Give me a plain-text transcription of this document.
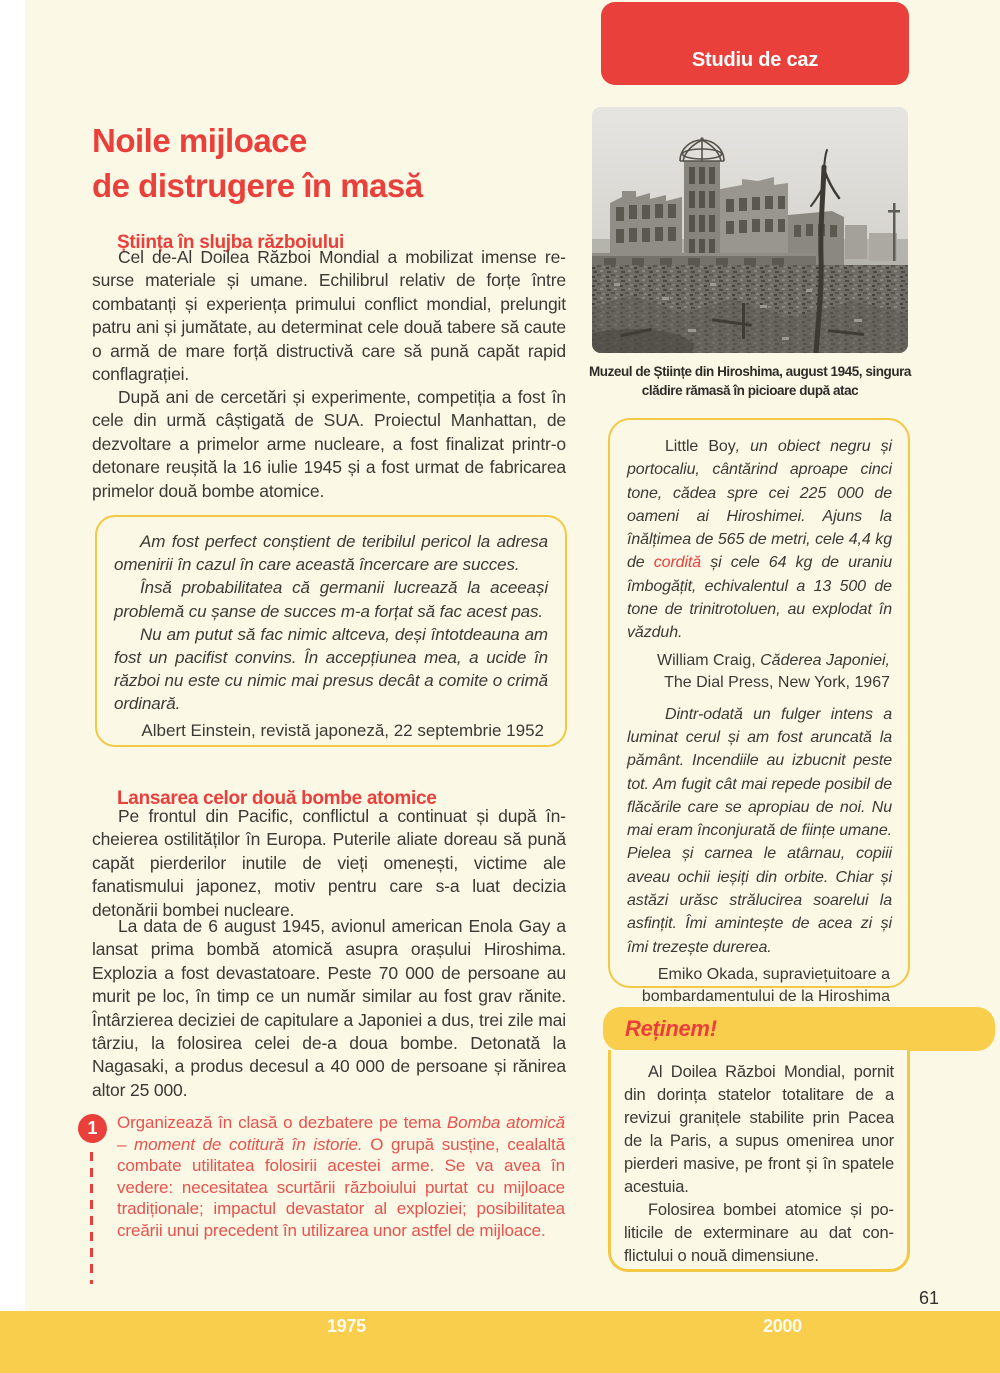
Noile mijloace
de distrugere în masă
Știința în slujba războiului

Cel de-Al Doilea Război Mondial a mobilizat imense resurse materiale și umane. Echilibrul relativ de forțe între combatanți și experiența primului conflict mondial, prelungit patru ani și jumătate, au determinat cele două tabere să caute o armă de mare forță distructivă care să pună capăt rapid conflagrației.

După ani de cercetări și experimente, competiția a fost în cele din urmă câștigată de SUA. Proiectul Manhattan, de dezvoltare a primelor arme nucleare, a fost finalizat printr-o detonare reușită la 16 iulie 1945 și a fost urmat de fabricarea primelor două bombe atomice.

Am fost perfect conștient de teribilul pericol la adresa omenirii în cazul în care această încercare are succes.

Însă probabilitatea că germanii lucrează la aceeași problemă cu șanse de succes m-a forțat să fac acest pas.

Nu am putut să fac nimic altceva, deși întotdeauna am fost un pacifist convins. În accepțiunea mea, a ucide în război nu este cu nimic mai presus decât a comite o crimă ordinară.

Albert Einstein, revistă japoneză, 22 septembrie 1952
Lansarea celor două bombe atomice

Pe frontul din Pacific, conflictul a continuat și după încheierea ostilităților în Europa. Puterile aliate doreau să pună capăt pierderilor inutile de vieți omenești, victime ale fanatismului japonez, motiv pentru care s-a luat decizia detonării bombei nucleare.

La data de 6 august 1945, avionul american Enola Gay a lansat prima bombă atomică asupra orașului Hiroshima. Explozia a fost devastatoare. Peste 70 000 de persoane au murit pe loc, în timp ce un număr similar au fost grav rănite. Întârzierea deciziei de capitulare a Japoniei a dus, trei zile mai târziu, la folosirea celei de-a doua bombe. Detonată la Nagasaki, a produs decesul a 40 000 de persoane și rănirea altor 25 000.

1	Organizează în clasă o dezbatere pe tema Bomba atomică – moment de cotitură în istorie. O grupă susține, cealaltă combate utilitatea folosirii acestei arme. Se va avea în vedere: necesitatea scurtării războiului purtat cu mijloace tradiționale; impactul devastator al exploziei; posibilitatea creării unui precedent în utilizarea unor astfel de mijloace.

Studiu de caz
Muzeul de Științe din Hiroshima, august 1945, singura
clădire rămasă în picioare după atac

Little Boy, un obiect negru și portocaliu, cântărind aproape cinci tone, cădea spre cei 225 000 de oameni ai Hiroshimei. Ajuns la înălțimea de 565 de metri, cele 4,4 kg de cordită și cele 64 kg de uraniu îmbogățit, echivalentul a 13 500 de tone de trinitrotoluen, au explodat în văzduh.

William Craig, Căderea Japoniei,
The Dial Press, New York, 1967

Dintr-odată un fulger intens a luminat cerul și am fost aruncată la pământ. Incendiile au izbucnit peste tot. Am fugit cât mai repede posibil de flăcările care se apropiau de noi. Nu mai eram înconjurată de ființe umane. Pielea și carnea le atârnau, copiii aveau ochii ieșiți din orbite. Chiar și astăzi urăsc strălucirea soarelui la asfințit. Îmi amintește de acea zi și îmi trezește durerea.

Emiko Okada, supraviețuitoare a
bombardamentului de la Hiroshima
Reținem!

Al Doilea Război Mondial, pornit din dorința statelor totalitare de a revizui granițele stabilite prin Pacea de la Paris, a supus omenirea unor pierderi masive, pe front și în spatele acestuia.

Folosirea bombei atomice și politicile de exterminare au dat conflictului o nouă dimensiune.

61
1975	2000
